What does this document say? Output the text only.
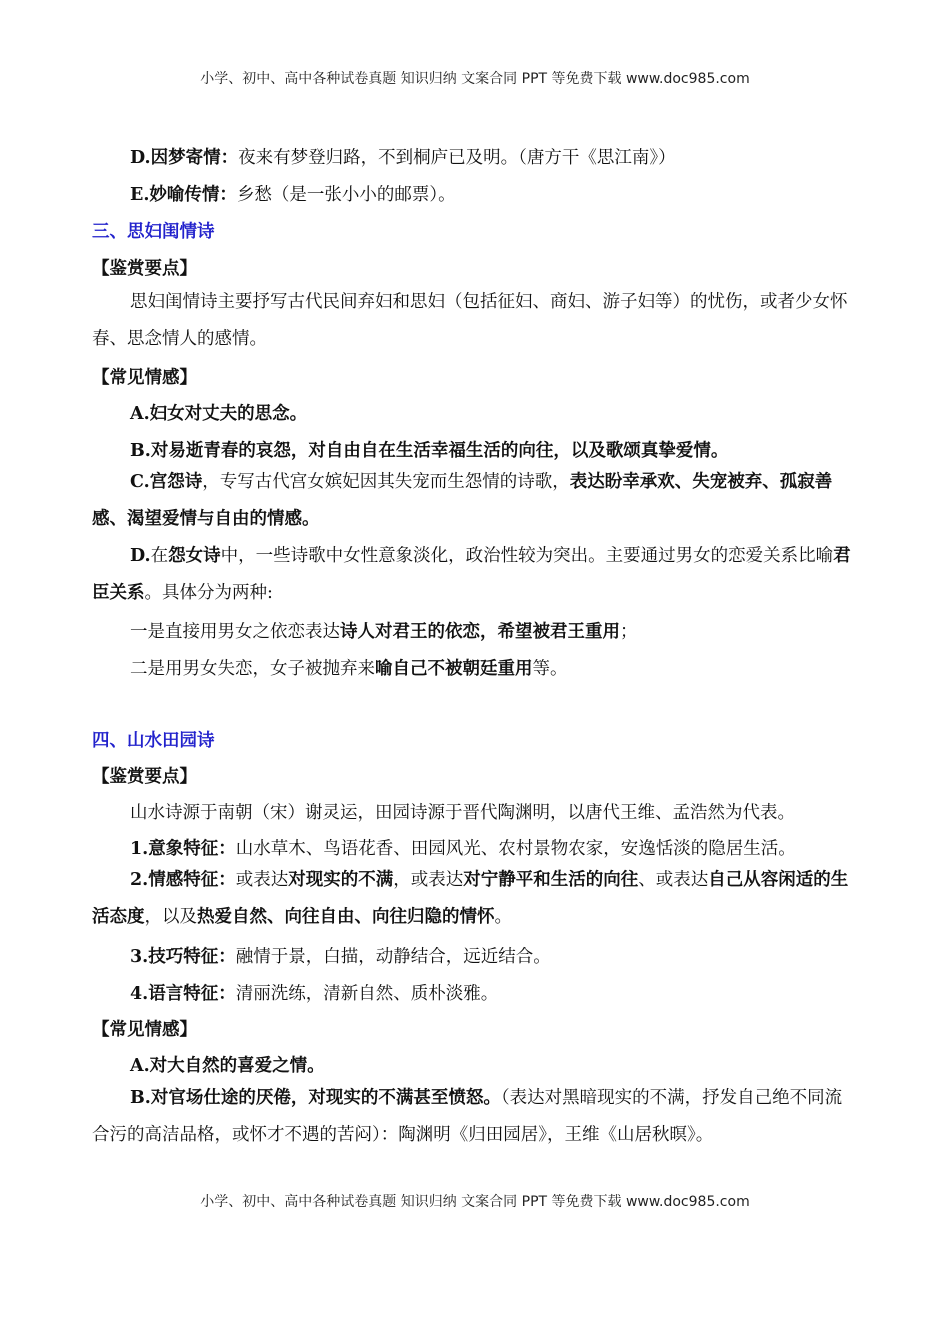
小学、初中、高中各种试卷真题 知识归纳 文案合同 PPT 等免费下载 www.doc985.com
D.因梦寄情：夜来有梦登归路，不到桐庐已及明。（唐方干《思江南》）
E.妙喻传情：乡愁（是一张小小的邮票）。
三、思妇闺情诗
【鉴赏要点】
思妇闺情诗主要抒写古代民间弃妇和思妇（包括征妇、商妇、游子妇等）的忧伤，或者少女怀春、思念情人的感情。
【常见情感】
A.妇女对丈夫的思念。
B.对易逝青春的哀怨，对自由自在生活幸福生活的向往，以及歌颂真挚爱情。
C.宫怨诗，专写古代宫女嫔妃因其失宠而生怨情的诗歌，表达盼幸承欢、失宠被弃、孤寂善感、渴望爱情与自由的情感。
D.在怨女诗中，一些诗歌中女性意象淡化，政治性较为突出。主要通过男女的恋爱关系比喻君臣关系。具体分为两种:
一是直接用男女之依恋表达诗人对君王的依恋，希望被君王重用；
二是用男女失恋，女子被抛弃来喻自己不被朝廷重用等。
四、山水田园诗
【鉴赏要点】
山水诗源于南朝（宋）谢灵运，田园诗源于晋代陶渊明，以唐代王维、孟浩然为代表。
1.意象特征：山水草木、鸟语花香、田园风光、农村景物农家，安逸恬淡的隐居生活。
2.情感特征：或表达对现实的不满，或表达对宁静平和生活的向往、或表达自己从容闲适的生活态度，以及热爱自然、向往自由、向往归隐的情怀。
3.技巧特征：融情于景，白描，动静结合，远近结合。
4.语言特征：清丽洗练，清新自然、质朴淡雅。
【常见情感】
A.对大自然的喜爱之情。
B.对官场仕途的厌倦，对现实的不满甚至愤怒。（表达对黑暗现实的不满，抒发自己绝不同流合污的高洁品格，或怀才不遇的苦闷）：陶渊明《归田园居》，王维《山居秋暝》。
小学、初中、高中各种试卷真题 知识归纳 文案合同 PPT 等免费下载 www.doc985.com
